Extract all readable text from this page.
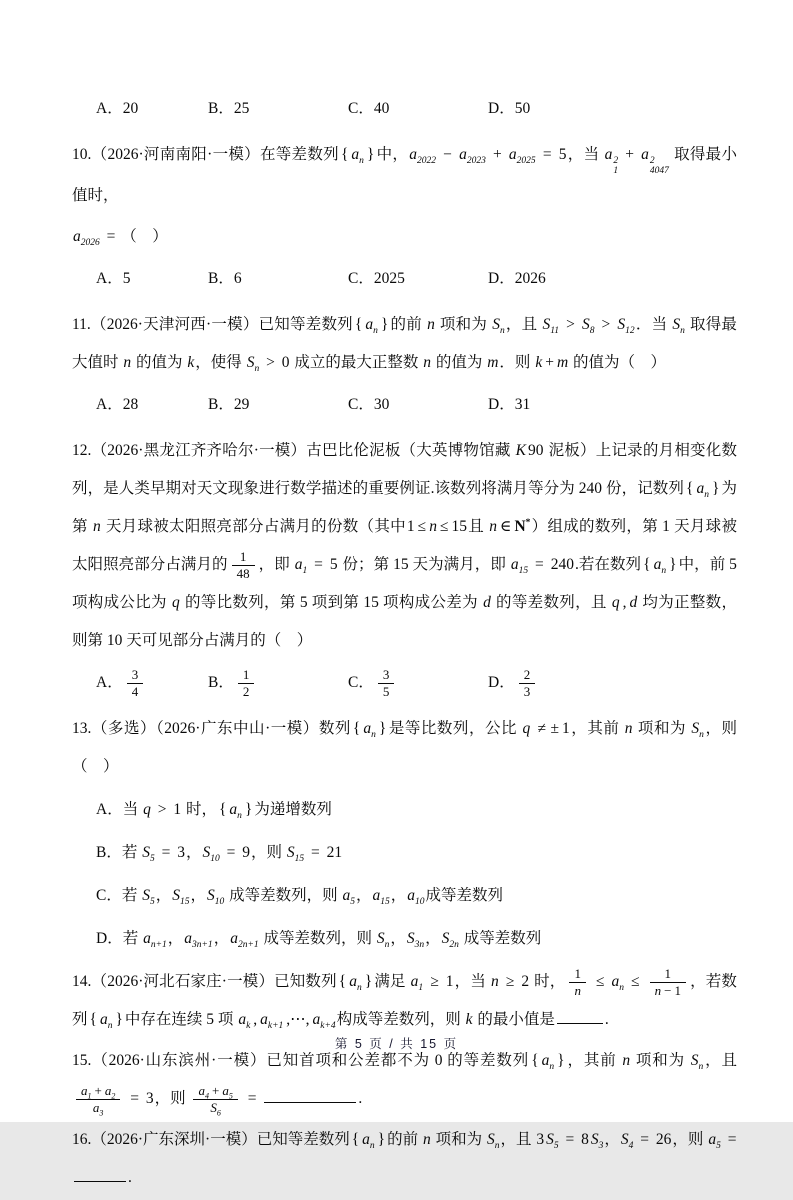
A．20	B．25	C．40	D．50
10.（2026·河南南阳·一模）在等差数列 { $a_n$ } 中，$a_{2022} - a_{2023} + a_{2025} = 5$，当 a 2
1
+ a 2
4047
取得最小值时，
$a_{2026}$ = （　）
A．5	B．6	C．2025	D．2026
11.（2026·天津河西·一模）已知等差数列 { $a_n$ } 的前 n 项和为 $S_n$，且 $S_{11} > S_8 > S_{12}$．当 $S_n$ 取得最大值时 n 的值为 k，使得 $S_n > 0$ 成立的最大正整数 n 的值为 m．则 k + m 的值为（　）
A．28	B．29	C．30	D．31
12.（2026·黑龙江齐齐哈尔·一模）古巴比伦泥板（大英博物馆藏 K 90 泥板）上记录的月相变化数列，是人类早期对天文现象进行数学描述的重要例证.该数列将满月等分为 240 份，记数列 { $a_n$ } 为第 n 天月球被太阳照亮部分占满月的份数（其中1 ≤ n ≤ 15且 n ∈ N*）组成的数列，第 1 天月球被太阳照亮部分占满月的 $\frac{1}{48}$ ，即 $a_1 = 5$ 份；第 15 天为满月，即 $a_{15} = 240$.若在数列 { $a_n$ } 中，前 5 项构成公比为 q 的等比数列，第 5 项到第 15 项构成公差为 d 的等差数列，且 q , d 均为正整数，则第 10 天可见部分占满月的（　）
A． $\frac{3}{4}$	B． $\frac{1}{2}$	C． $\frac{3}{5}$	D． $\frac{2}{3}$
13.（多选）（2026·广东中山·一模）数列 { $a_n$ } 是等比数列，公比 q ≠ ± 1，其前 n 项和为 $S_n$，则（　）
A．当 q > 1 时， { $a_n$ } 为递增数列
B．若 $S_5 = 3$，$S_{10} = 9$，则 $S_{15} = 21$
C．若 $S_5$，$S_{15}$，$S_{10}$ 成等差数列，则 $a_5$，$a_{15}$，$a_{10}$成等差数列
D．若 $a_{n+1}$，$a_{3n+1}$，$a_{2n+1}$ 成等差数列，则 $S_n$，$S_{3n}$，$S_{2n}$ 成等差数列
14.（2026·河北石家庄·一模）已知数列 { $a_n$ } 满足 $a_1 \ge 1$，当 n ≥ 2 时， $\frac{1}{n} \le a_n \le \frac{1}{n - 1}$ ，若数列 { $a_n$ } 中存在连续 5 项 $a_k$ , $a_{k+1}$ ,⋯, $a_{k+4}$构成等差数列，则 k 的最小值是	.
15.（2026·山东滨州·一模）已知首项和公差都不为 0 的等差数列 { $a_n$ } ，其前 n 项和为 $S_n$，且
$\frac{a_1 + a_2}{a_3} = 3$，则 $\frac{a_4 + a_5}{S_6}$ =	.
16.（2026·广东深圳·一模）已知等差数列 { $a_n$ } 的前 n 项和为 $S_n$，且 3 $S_5 = 8$ $S_3$，$S_4 = 26$，则 $a_5$ = .
第 5 页 / 共 15 页
